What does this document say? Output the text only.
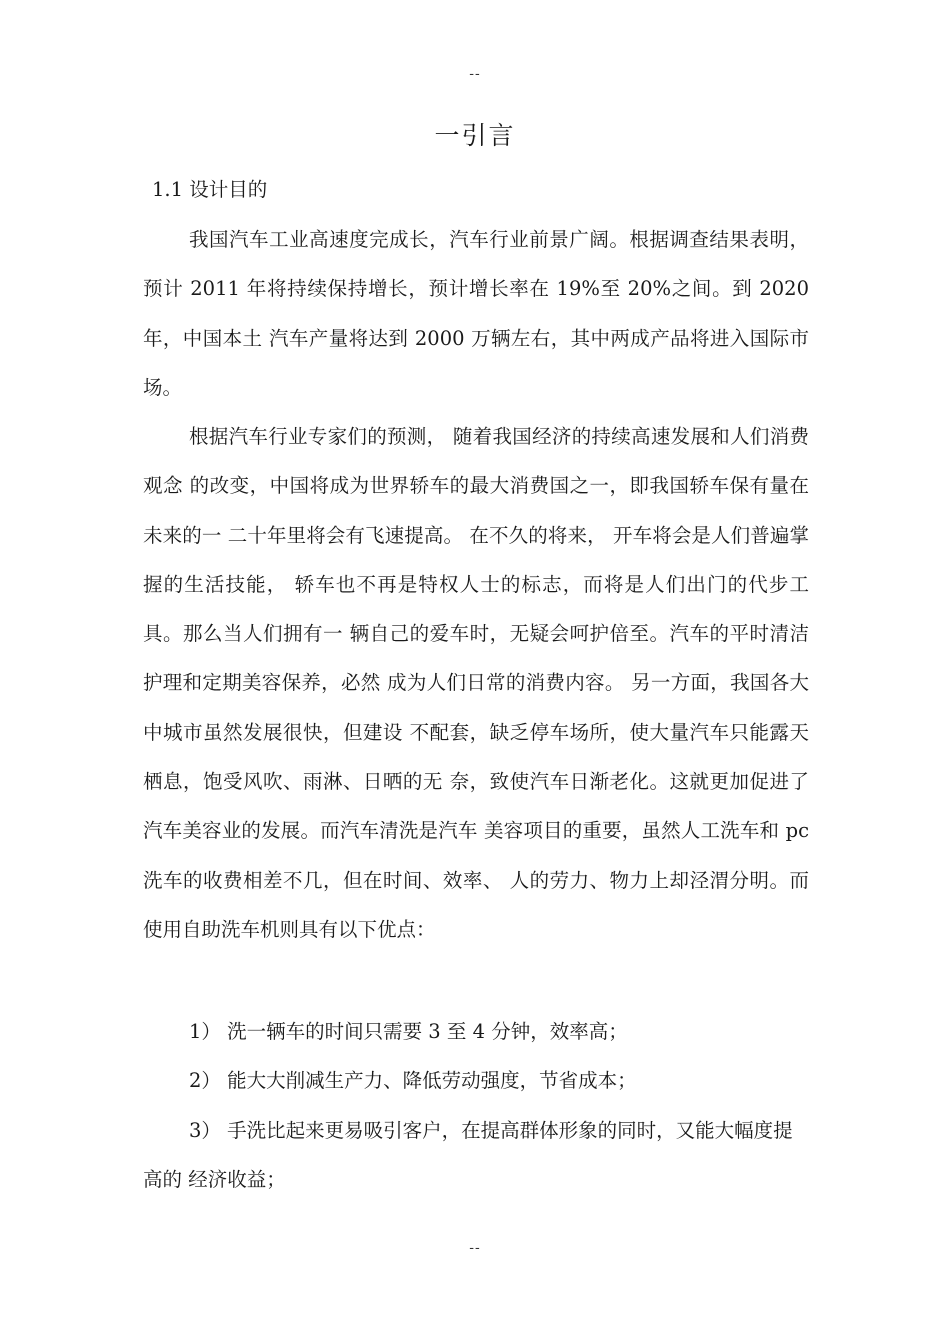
--
一引言
1.1 设计目的
我国汽车工业高速度完成长，汽车行业前景广阔。根据调查结果表明，预计 2011 年将持续保持增长，预计增长率在 19%至 20%之间。到 2020 年，中国本土 汽车产量将达到 2000 万辆左右，其中两成产品将进入国际市场。
根据汽车行业专家们的预测， 随着我国经济的持续高速发展和人们消费观念 的改变，中国将成为世界轿车的最大消费国之一，即我国轿车保有量在未来的一 二十年里将会有飞速提高。 在不久的将来， 开车将会是人们普遍掌握的生活技能， 轿车也不再是特权人士的标志，而将是人们出门的代步工具。那么当人们拥有一 辆自己的爱车时，无疑会呵护倍至。汽车的平时清洁护理和定期美容保养，必然 成为人们日常的消费内容。 另一方面，我国各大中城市虽然发展很快，但建设 不配套，缺乏停车场所，使大量汽车只能露天栖息，饱受风吹、雨淋、日晒的无 奈，致使汽车日渐老化。这就更加促进了汽车美容业的发展。而汽车清洗是汽车 美容项目的重要，虽然人工洗车和 pc 洗车的收费相差不几，但在时间、效率、 人的劳力、物力上却泾渭分明。而使用自助洗车机则具有以下优点：
1） 洗一辆车的时间只需要 3 至 4 分钟，效率高；
2） 能大大削减生产力、降低劳动强度，节省成本；
3） 手洗比起来更易吸引客户，在提高群体形象的同时，又能大幅度提高的 经济收益；
--
